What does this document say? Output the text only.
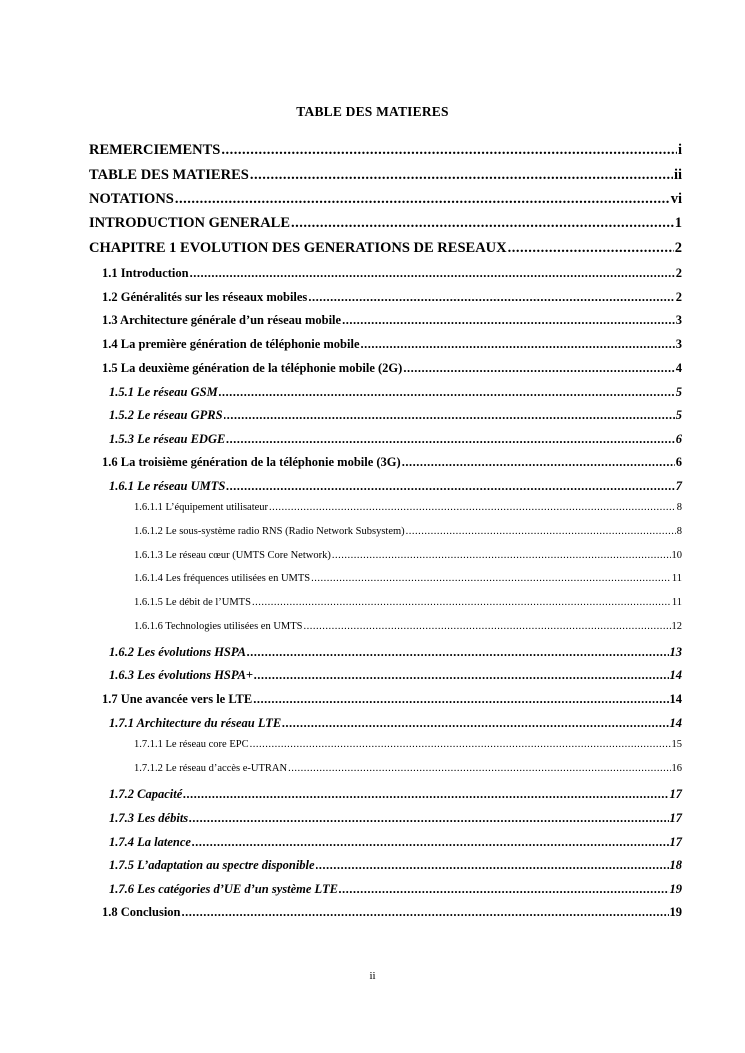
TABLE DES MATIERES
REMERCIEMENTS .....	i
TABLE DES MATIERES .....	ii
NOTATIONS .....	vi
INTRODUCTION GENERALE .....	1
CHAPITRE 1 EVOLUTION DES GENERATIONS DE RESEAUX .....	2
1.1 Introduction .....	2
1.2 Généralités sur les réseaux mobiles .....	2
1.3 Architecture générale d’un réseau mobile .....	3
1.4 La première génération de téléphonie mobile .....	3
1.5 La deuxième génération de la téléphonie mobile (2G) .....	4
1.5.1 Le réseau GSM .....	5
1.5.2 Le réseau GPRS .....	5
1.5.3 Le réseau EDGE .....	6
1.6 La troisième génération de la téléphonie mobile (3G) .....	6
1.6.1 Le réseau UMTS .....	7
1.6.1.1 L’équipement utilisateur .....	8
1.6.1.2 Le sous-système radio RNS (Radio Network Subsystem) .....	8
1.6.1.3 Le réseau cœur (UMTS Core Network) .....	10
1.6.1.4 Les fréquences utilisées en UMTS .....	11
1.6.1.5 Le débit de l’UMTS .....	11
1.6.1.6 Technologies utilisées en UMTS .....	12
1.6.2 Les évolutions HSPA .....	13
1.6.3 Les évolutions HSPA+ .....	14
1.7 Une avancée vers le LTE .....	14
1.7.1 Architecture du réseau LTE .....	14
1.7.1.1 Le réseau core EPC .....	15
1.7.1.2 Le réseau d’accès e-UTRAN .....	16
1.7.2 Capacité .....	17
1.7.3 Les débits .....	17
1.7.4 La latence .....	17
1.7.5 L’adaptation au spectre disponible .....	18
1.7.6 Les catégories d’UE d’un système LTE .....	19
1.8 Conclusion .....	19
ii
